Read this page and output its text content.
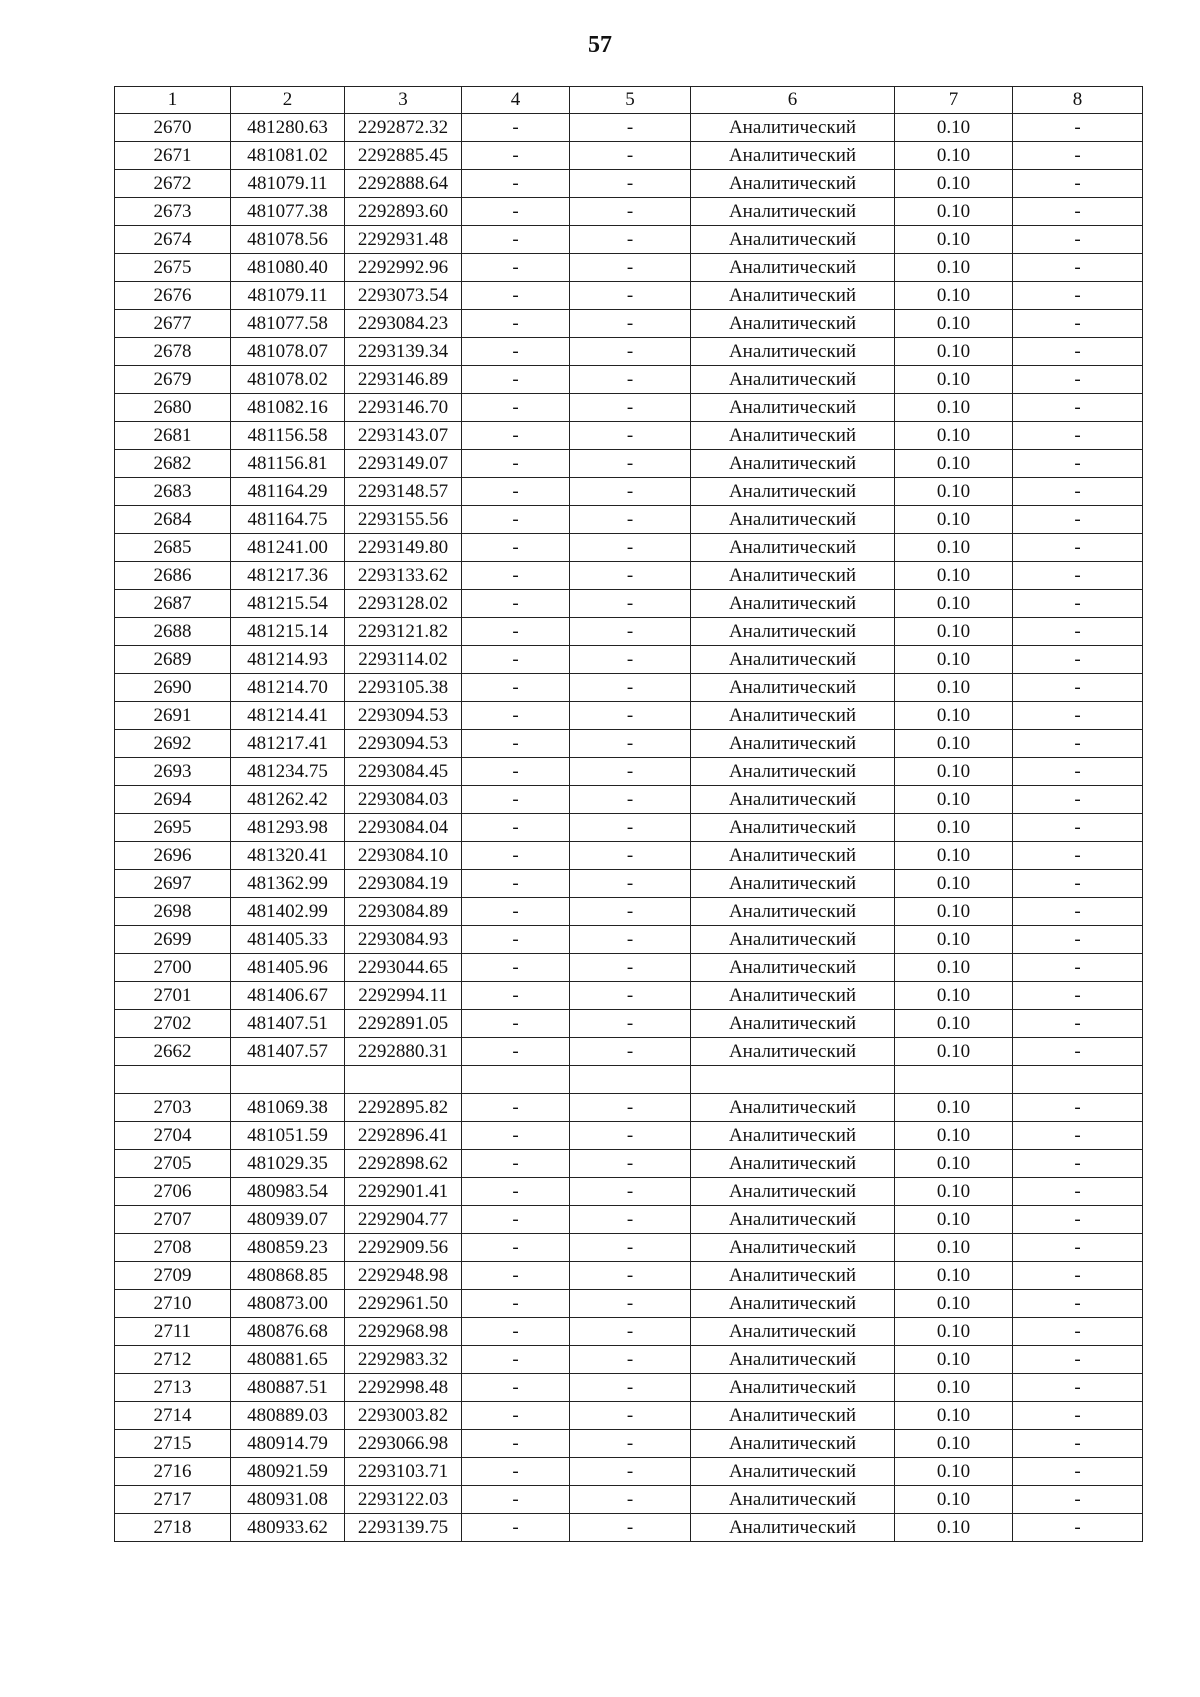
57
1	2	3	4	5	6	7	8
2670	481280.63	2292872.32	-	-	Аналитический	0.10	-
2671	481081.02	2292885.45	-	-	Аналитический	0.10	-
2672	481079.11	2292888.64	-	-	Аналитический	0.10	-
2673	481077.38	2292893.60	-	-	Аналитический	0.10	-
2674	481078.56	2292931.48	-	-	Аналитический	0.10	-
2675	481080.40	2292992.96	-	-	Аналитический	0.10	-
2676	481079.11	2293073.54	-	-	Аналитический	0.10	-
2677	481077.58	2293084.23	-	-	Аналитический	0.10	-
2678	481078.07	2293139.34	-	-	Аналитический	0.10	-
2679	481078.02	2293146.89	-	-	Аналитический	0.10	-
2680	481082.16	2293146.70	-	-	Аналитический	0.10	-
2681	481156.58	2293143.07	-	-	Аналитический	0.10	-
2682	481156.81	2293149.07	-	-	Аналитический	0.10	-
2683	481164.29	2293148.57	-	-	Аналитический	0.10	-
2684	481164.75	2293155.56	-	-	Аналитический	0.10	-
2685	481241.00	2293149.80	-	-	Аналитический	0.10	-
2686	481217.36	2293133.62	-	-	Аналитический	0.10	-
2687	481215.54	2293128.02	-	-	Аналитический	0.10	-
2688	481215.14	2293121.82	-	-	Аналитический	0.10	-
2689	481214.93	2293114.02	-	-	Аналитический	0.10	-
2690	481214.70	2293105.38	-	-	Аналитический	0.10	-
2691	481214.41	2293094.53	-	-	Аналитический	0.10	-
2692	481217.41	2293094.53	-	-	Аналитический	0.10	-
2693	481234.75	2293084.45	-	-	Аналитический	0.10	-
2694	481262.42	2293084.03	-	-	Аналитический	0.10	-
2695	481293.98	2293084.04	-	-	Аналитический	0.10	-
2696	481320.41	2293084.10	-	-	Аналитический	0.10	-
2697	481362.99	2293084.19	-	-	Аналитический	0.10	-
2698	481402.99	2293084.89	-	-	Аналитический	0.10	-
2699	481405.33	2293084.93	-	-	Аналитический	0.10	-
2700	481405.96	2293044.65	-	-	Аналитический	0.10	-
2701	481406.67	2292994.11	-	-	Аналитический	0.10	-
2702	481407.51	2292891.05	-	-	Аналитический	0.10	-
2662	481407.57	2292880.31	-	-	Аналитический	0.10	-

2703	481069.38	2292895.82	-	-	Аналитический	0.10	-
2704	481051.59	2292896.41	-	-	Аналитический	0.10	-
2705	481029.35	2292898.62	-	-	Аналитический	0.10	-
2706	480983.54	2292901.41	-	-	Аналитический	0.10	-
2707	480939.07	2292904.77	-	-	Аналитический	0.10	-
2708	480859.23	2292909.56	-	-	Аналитический	0.10	-
2709	480868.85	2292948.98	-	-	Аналитический	0.10	-
2710	480873.00	2292961.50	-	-	Аналитический	0.10	-
2711	480876.68	2292968.98	-	-	Аналитический	0.10	-
2712	480881.65	2292983.32	-	-	Аналитический	0.10	-
2713	480887.51	2292998.48	-	-	Аналитический	0.10	-
2714	480889.03	2293003.82	-	-	Аналитический	0.10	-
2715	480914.79	2293066.98	-	-	Аналитический	0.10	-
2716	480921.59	2293103.71	-	-	Аналитический	0.10	-
2717	480931.08	2293122.03	-	-	Аналитический	0.10	-
2718	480933.62	2293139.75	-	-	Аналитический	0.10	-
